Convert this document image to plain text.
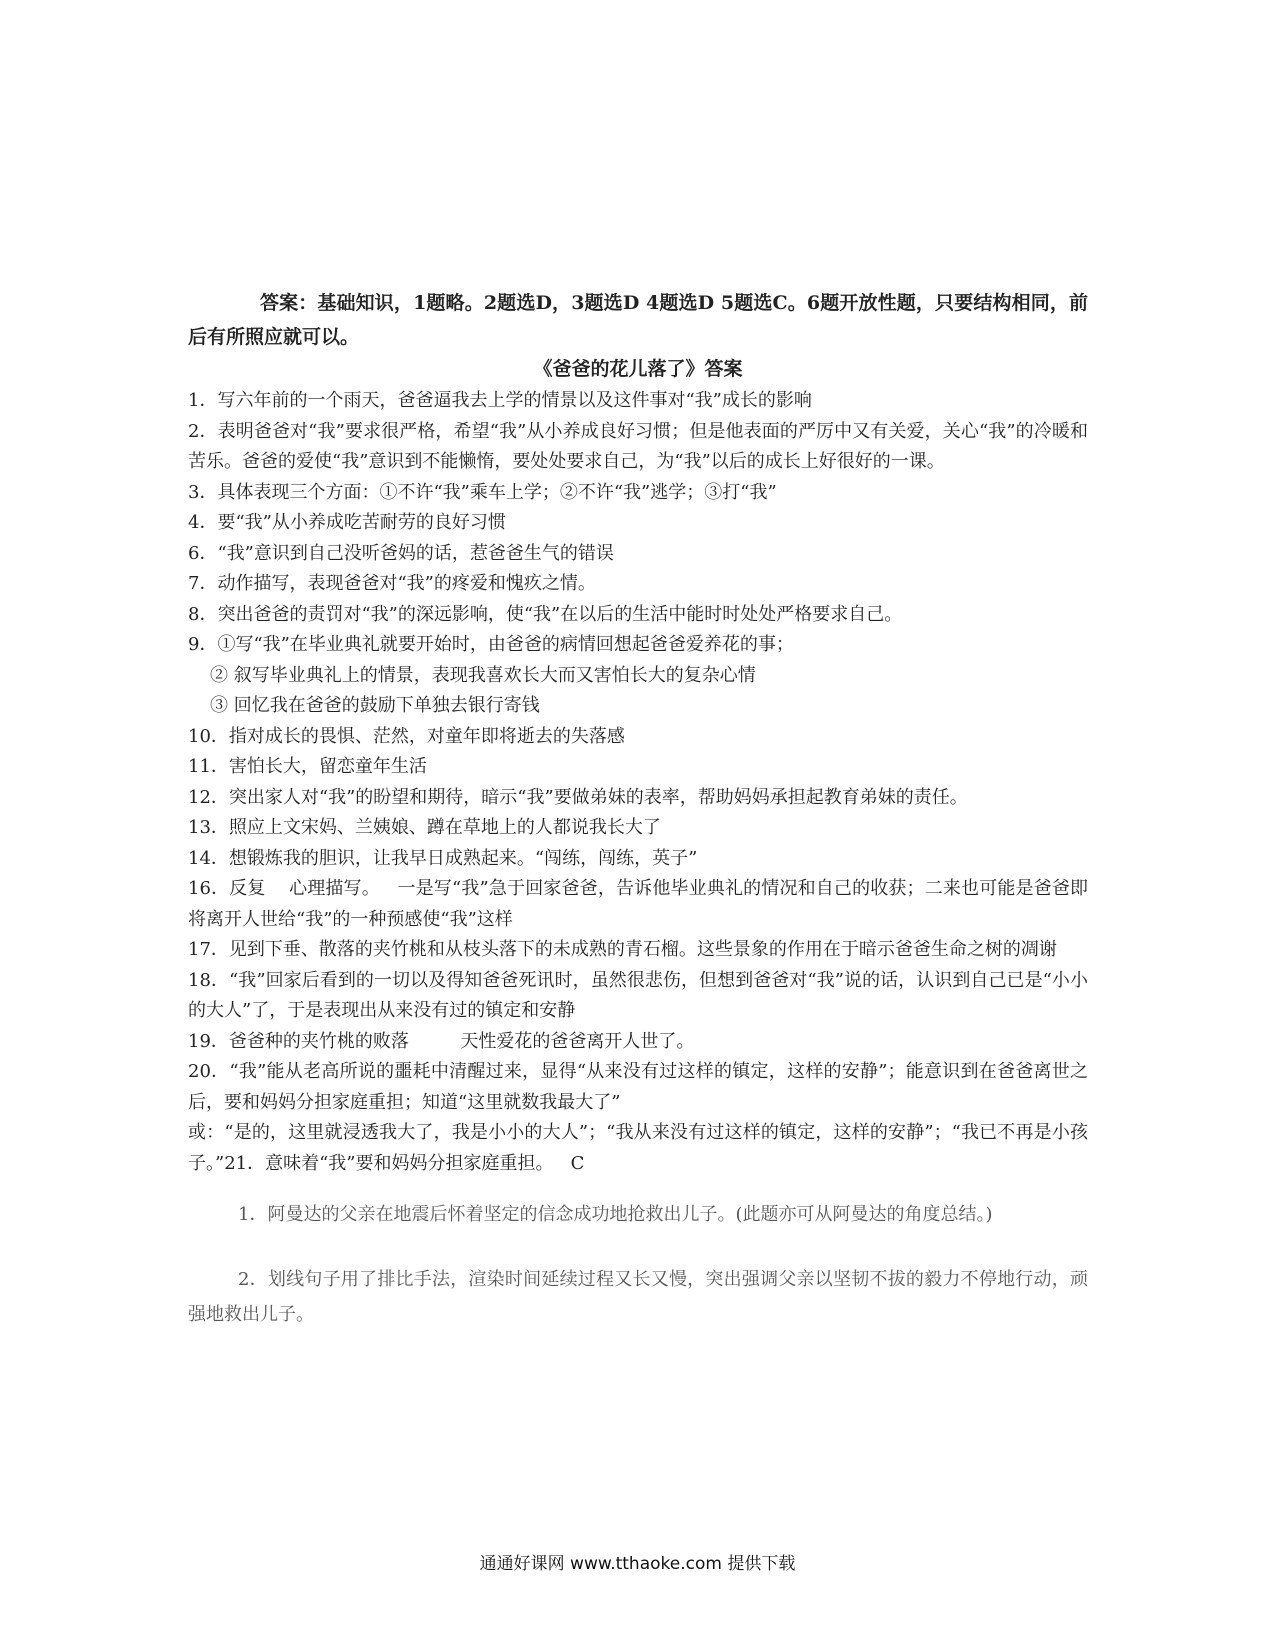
答案：基础知识，1题略。2题选D，3题选D 4题选D 5题选C。6题开放性题，只要结构相同，前后有所照应就可以。

《爸爸的花儿落了》答案

1．写六年前的一个雨天，爸爸逼我去上学的情景以及这件事对“我”成长的影响
2．表明爸爸对“我”要求很严格，希望“我”从小养成良好习惯；但是他表面的严厉中又有关爱，关心“我”的冷暖和苦乐。爸爸的爱使“我”意识到不能懒惰，要处处要求自己，为“我”以后的成长上好很好的一课。
3．具体表现三个方面：①不许“我”乘车上学；②不许“我”逃学；③打“我”
4．要“我”从小养成吃苦耐劳的良好习惯
6．“我”意识到自己没听爸妈的话，惹爸爸生气的错误
7．动作描写，表现爸爸对“我”的疼爱和愧疚之情。
8．突出爸爸的责罚对“我”的深远影响，使“我”在以后的生活中能时时处处严格要求自己。
9．①写“我”在毕业典礼就要开始时，由爸爸的病情回想起爸爸爱养花的事；
② 叙写毕业典礼上的情景，表现我喜欢长大而又害怕长大的复杂心情
③ 回忆我在爸爸的鼓励下单独去银行寄钱
10．指对成长的畏惧、茫然，对童年即将逝去的失落感
11．害怕长大，留恋童年生活
12．突出家人对“我”的盼望和期待，暗示“我”要做弟妹的表率，帮助妈妈承担起教育弟妹的责任。
13．照应上文宋妈、兰姨娘、蹲在草地上的人都说我长大了
14．想锻炼我的胆识，让我早日成熟起来。“闯练，闯练，英子”
16．反复    心理描写。   一是写“我”急于回家爸爸，告诉他毕业典礼的情况和自己的收获；二来也可能是爸爸即将离开人世给“我”的一种预感使“我”这样
17．见到下垂、散落的夹竹桃和从枝头落下的未成熟的青石榴。这些景象的作用在于暗示爸爸生命之树的凋谢
18．“我”回家后看到的一切以及得知爸爸死讯时，虽然很悲伤，但想到爸爸对“我”说的话，认识到自己已是“小小的大人”了，于是表现出从来没有过的镇定和安静
19．爸爸种的夹竹桃的败落         天性爱花的爸爸离开人世了。
20．“我”能从老高所说的噩耗中清醒过来，显得“从来没有过这样的镇定，这样的安静”；能意识到在爸爸离世之后，要和妈妈分担家庭重担；知道“这里就数我最大了”
或：“是的，这里就浸透我大了，我是小小的大人”；“我从来没有过这样的镇定，这样的安静”；“我已不再是小孩子。”21．意味着“我”要和妈妈分担家庭重担。   C

1．阿曼达的父亲在地震后怀着坚定的信念成功地抢救出儿子。(此题亦可从阿曼达的角度总结。)

2．划线句子用了排比手法，渲染时间延续过程又长又慢，突出强调父亲以坚韧不拔的毅力不停地行动，顽强地救出儿子。

通通好课网 www.tthaoke.com 提供下载
